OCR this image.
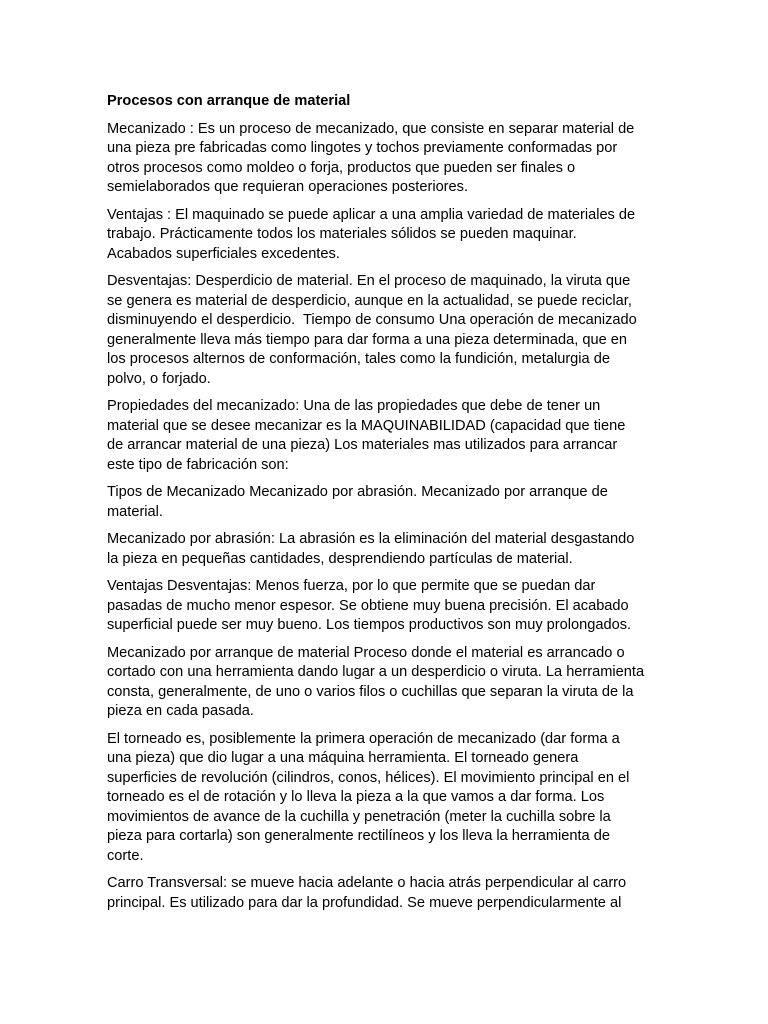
Procesos con arranque de material
Mecanizado : Es un proceso de mecanizado, que consiste en separar material de
una pieza pre fabricadas como lingotes y tochos previamente conformadas por
otros procesos como moldeo o forja, productos que pueden ser finales o
semielaborados que requieran operaciones posteriores.
Ventajas : El maquinado se puede aplicar a una amplia variedad de materiales de
trabajo. Prácticamente todos los materiales sólidos se pueden maquinar.
Acabados superficiales excedentes.
Desventajas: Desperdicio de material. En el proceso de maquinado, la viruta que
se genera es material de desperdicio, aunque en la actualidad, se puede reciclar,
disminuyendo el desperdicio.  Tiempo de consumo Una operación de mecanizado
generalmente lleva más tiempo para dar forma a una pieza determinada, que en
los procesos alternos de conformación, tales como la fundición, metalurgia de
polvo, o forjado.
Propiedades del mecanizado: Una de las propiedades que debe de tener un
material que se desee mecanizar es la MAQUINABILIDAD (capacidad que tiene
de arrancar material de una pieza) Los materiales mas utilizados para arrancar
este tipo de fabricación son:
Tipos de Mecanizado Mecanizado por abrasión. Mecanizado por arranque de
material.
Mecanizado por abrasión: La abrasión es la eliminación del material desgastando
la pieza en pequeñas cantidades, desprendiendo partículas de material.
Ventajas Desventajas: Menos fuerza, por lo que permite que se puedan dar
pasadas de mucho menor espesor. Se obtiene muy buena precisión. El acabado
superficial puede ser muy bueno. Los tiempos productivos son muy prolongados.
Mecanizado por arranque de material Proceso donde el material es arrancado o
cortado con una herramienta dando lugar a un desperdicio o viruta. La herramienta
consta, generalmente, de uno o varios filos o cuchillas que separan la viruta de la
pieza en cada pasada.
El torneado es, posiblemente la primera operación de mecanizado (dar forma a
una pieza) que dio lugar a una máquina herramienta. El torneado genera
superficies de revolución (cilindros, conos, hélices). El movimiento principal en el
torneado es el de rotación y lo lleva la pieza a la que vamos a dar forma. Los
movimientos de avance de la cuchilla y penetración (meter la cuchilla sobre la
pieza para cortarla) son generalmente rectilíneos y los lleva la herramienta de
corte.
Carro Transversal: se mueve hacia adelante o hacia atrás perpendicular al carro
principal. Es utilizado para dar la profundidad. Se mueve perpendicularmente al
